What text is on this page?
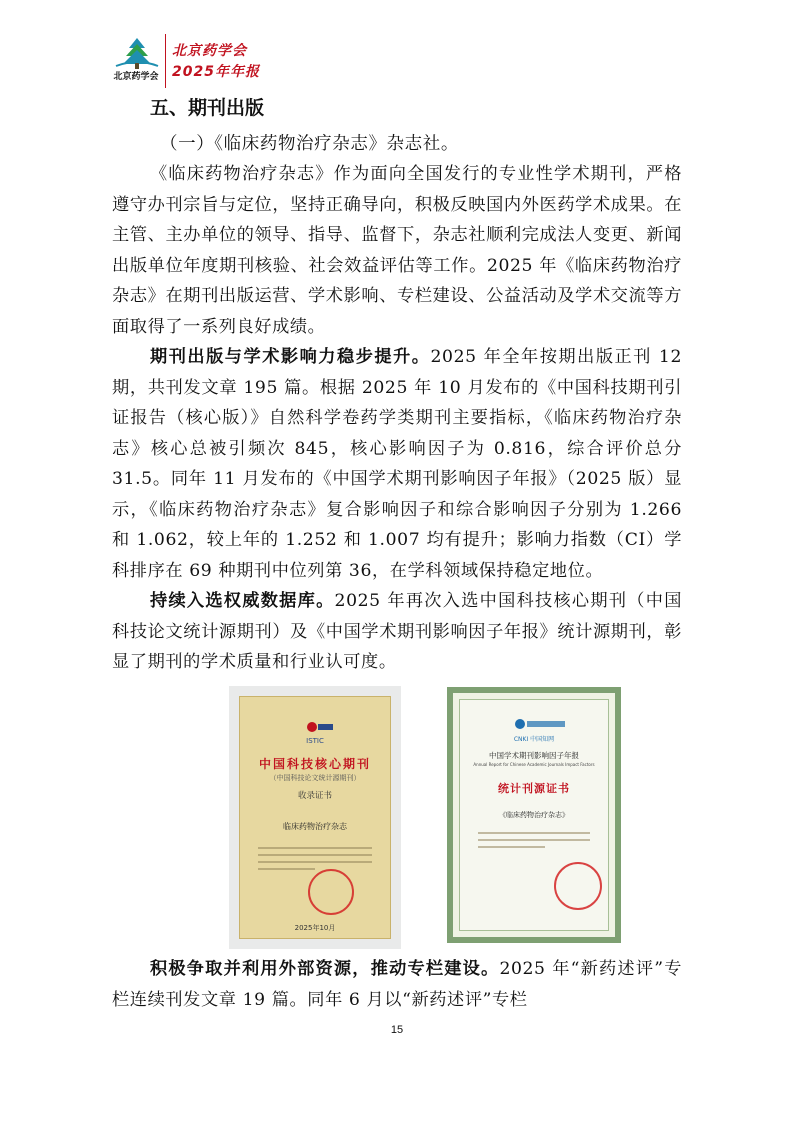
北京药学会
北京药学会
2025年年报
五、期刊出版
（一）《临床药物治疗杂志》杂志社。

《临床药物治疗杂志》作为面向全国发行的专业性学术期刊，严格遵守办刊宗旨与定位，坚持正确导向，积极反映国内外医药学术成果。在主管、主办单位的领导、指导、监督下，杂志社顺利完成法人变更、新闻出版单位年度期刊核验、社会效益评估等工作。2025 年《临床药物治疗杂志》在期刊出版运营、学术影响、专栏建设、公益活动及学术交流等方面取得了一系列良好成绩。

期刊出版与学术影响力稳步提升。2025 年全年按期出版正刊 12 期，共刊发文章 195 篇。根据 2025 年 10 月发布的《中国科技期刊引证报告（核心版）》自然科学卷药学类期刊主要指标，《临床药物治疗杂志》核心总被引频次 845，核心影响因子为 0.816，综合评价总分 31.5。同年 11 月发布的《中国学术期刊影响因子年报》（2025 版）显示，《临床药物治疗杂志》复合影响因子和综合影响因子分别为 1.266 和 1.062，较上年的 1.252 和 1.007 均有提升；影响力指数（CI）学科排序在 69 种期刊中位列第 36，在学科领域保持稳定地位。

持续入选权威数据库。2025 年再次入选中国科技核心期刊（中国科技论文统计源期刊）及《中国学术期刊影响因子年报》统计源期刊，彰显了期刊的学术质量和行业认可度。

ISTIC
中国科技核心期刊
（中国科技论文统计源期刊）
收录证书
临床药物治疗杂志
2025年10月
CNKI 中国知网
中国学术期刊影响因子年报
Annual Report for Chinese Academic Journals Impact Factors
统计刊源证书
《临床药物治疗杂志》

积极争取并利用外部资源，推动专栏建设。2025 年“新药述评”专栏连续刊发文章 19 篇。同年 6 月以“新药述评”专栏

15
